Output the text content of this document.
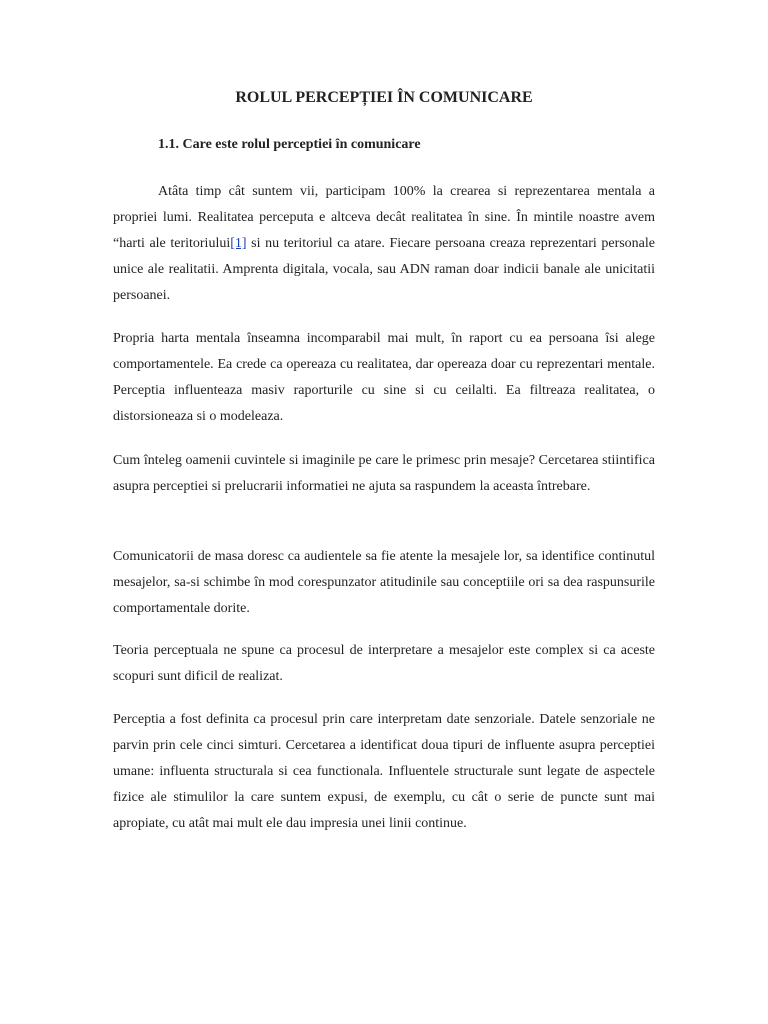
ROLUL PERCEPȚIEI ÎN COMUNICARE
1.1. Care este rolul perceptiei în comunicare

Atâta timp cât suntem vii, participam 100% la crearea si reprezentarea mentala a propriei lumi. Realitatea perceputa e altceva decât realitatea în sine. În mintile noastre avem “harti ale teritoriului[1] si nu teritoriul ca atare. Fiecare persoana creaza reprezentari personale unice ale realitatii. Amprenta digitala, vocala, sau ADN raman doar indicii banale ale unicitatii persoanei.

Propria harta mentala înseamna incomparabil mai mult, în raport cu ea persoana îsi alege comportamentele. Ea crede ca opereaza cu realitatea, dar opereaza doar cu reprezentari mentale. Perceptia influenteaza masiv raporturile cu sine si cu ceilalti. Ea filtreaza realitatea, o distorsioneaza si o modeleaza.

Cum înteleg oamenii cuvintele si imaginile pe care le primesc prin mesaje? Cercetarea stiintifica asupra perceptiei si prelucrarii informatiei ne ajuta sa raspundem la aceasta întrebare.

Comunicatorii de masa doresc ca audientele sa fie atente la mesajele lor, sa identifice continutul mesajelor, sa-si schimbe în mod corespunzator atitudinile sau conceptiile ori sa dea raspunsurile comportamentale dorite.

Teoria perceptuala ne spune ca procesul de interpretare a mesajelor este complex si ca aceste scopuri sunt dificil de realizat.

Perceptia a fost definita ca procesul prin care interpretam date senzoriale. Datele senzoriale ne parvin prin cele cinci simturi. Cercetarea a identificat doua tipuri de influente asupra perceptiei umane: influenta structurala si cea functionala. Influentele structurale sunt legate de aspectele fizice ale stimulilor la care suntem expusi, de exemplu, cu cât o serie de puncte sunt mai apropiate, cu atât mai mult ele dau impresia unei linii continue.
